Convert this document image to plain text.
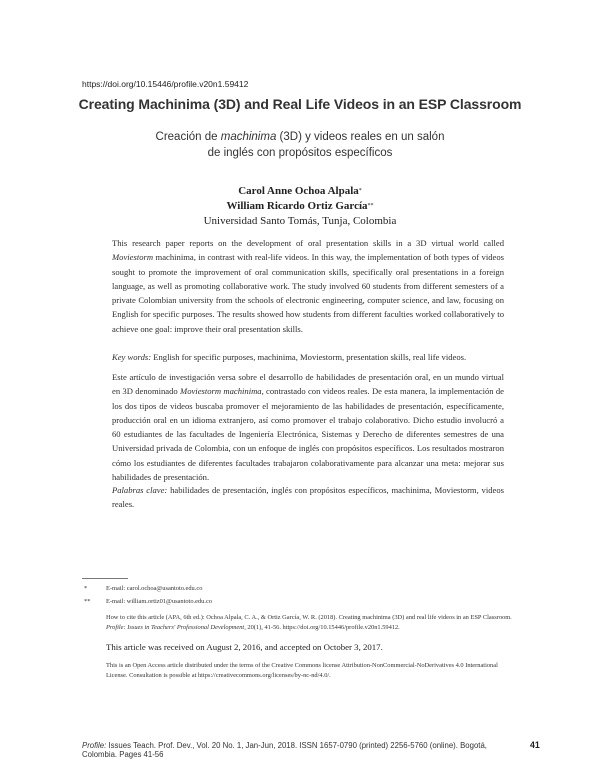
https://doi.org/10.15446/profile.v20n1.59412
Creating Machinima (3D) and Real Life Videos in an ESP Classroom
Creación de machinima (3D) y videos reales en un salón
de inglés con propósitos específicos
Carol Anne Ochoa Alpala*
William Ricardo Ortiz García**
Universidad Santo Tomás, Tunja, Colombia
This research paper reports on the development of oral presentation skills in a 3D virtual world called Moviestorm machinima, in contrast with real-life videos. In this way, the implementation of both types of videos sought to promote the improvement of oral communication skills, specifically oral presentations in a foreign language, as well as promoting collaborative work. The study involved 60 students from different semesters of a private Colombian university from the schools of electronic engineering, computer science, and law, focusing on English for specific purposes. The results showed how students from different faculties worked collaboratively to achieve one goal: improve their oral presentation skills.
Key words: English for specific purposes, machinima, Moviestorm, presentation skills, real life videos.
Este artículo de investigación versa sobre el desarrollo de habilidades de presentación oral, en un mundo virtual en 3D denominado Moviestorm machinima, contrastado con videos reales. De esta manera, la implementación de los dos tipos de videos buscaba promover el mejoramiento de las habilidades de presentación, específicamente, producción oral en un idioma extranjero, así como promover el trabajo colaborativo. Dicho estudio involucró a 60 estudiantes de las facultades de Ingeniería Electrónica, Sistemas y Derecho de diferentes semestres de una Universidad privada de Colombia, con un enfoque de inglés con propósitos específicos. Los resultados mostraron cómo los estudiantes de diferentes facultades trabajaron colaborativamente para alcanzar una meta: mejorar sus habilidades de presentación.
Palabras clave: habilidades de presentación, inglés con propósitos específicos, machinima, Moviestorm, videos reales.
*	E-mail: carol.ochoa@usantoto.edu.co
** E-mail: william.ortiz01@usantoto.edu.co
How to cite this article (APA, 6th ed.): Ochoa Alpala, C. A., & Ortiz García, W. R. (2018). Creating machinima (3D) and real life videos in an ESP Classroom. Profile: Issues in Teachers' Professional Development, 20(1), 41-56. https://doi.org/10.15446/profile.v20n1.59412.
This article was received on August 2, 2016, and accepted on October 3, 2017.
This is an Open Access article distributed under the terms of the Creative Commons license Attribution-NonCommercial-NoDerivatives 4.0 International License. Consultation is possible at https://creativecommons.org/licenses/by-nc-nd/4.0/.
Profile: Issues Teach. Prof. Dev., Vol. 20 No. 1, Jan-Jun, 2018. ISSN 1657-0790 (printed) 2256-5760 (online). Bogotá, Colombia. Pages 41-56
41
